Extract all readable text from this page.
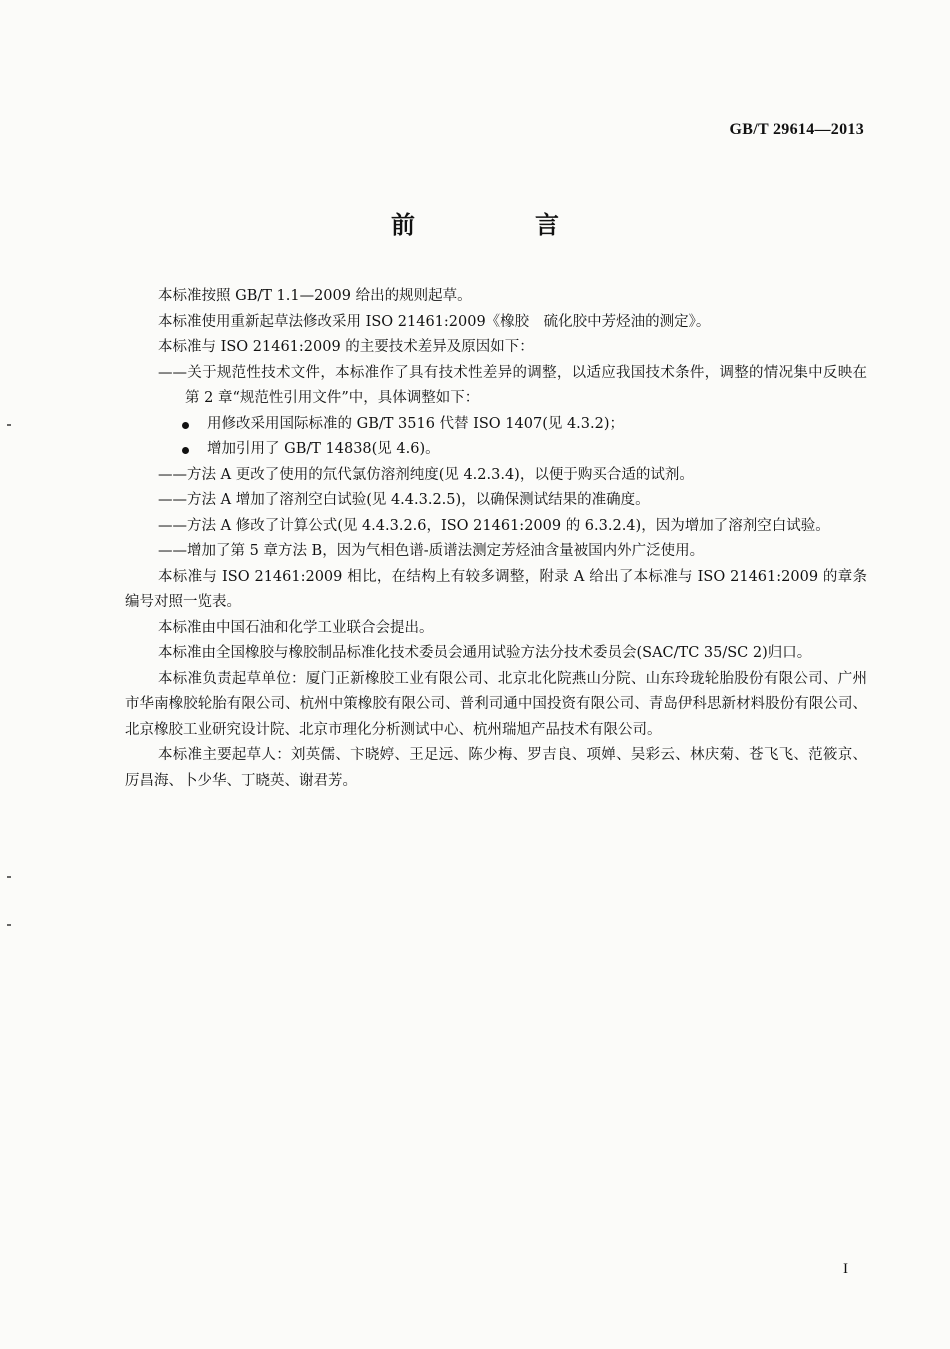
GB/T 29614—2013
前　言

本标准按照 GB/T 1.1—2009 给出的规则起草。

本标准使用重新起草法修改采用 ISO 21461:2009《橡胶　硫化胶中芳烃油的测定》。

本标准与 ISO 21461:2009 的主要技术差异及原因如下：

——关于规范性技术文件，本标准作了具有技术性差异的调整，以适应我国技术条件，调整的情况集中反映在第 2 章“规范性引用文件”中，具体调整如下：

用修改采用国际标准的 GB/T 3516 代替 ISO 1407(见 4.3.2)；
增加引用了 GB/T 14838(见 4.6)。

——方法 A 更改了使用的氘代氯仿溶剂纯度(见 4.2.3.4)，以便于购买合适的试剂。

——方法 A 增加了溶剂空白试验(见 4.4.3.2.5)，以确保测试结果的准确度。

——方法 A 修改了计算公式(见 4.4.3.2.6，ISO 21461:2009 的 6.3.2.4)，因为增加了溶剂空白试验。

——增加了第 5 章方法 B，因为气相色谱-质谱法测定芳烃油含量被国内外广泛使用。

本标准与 ISO 21461:2009 相比，在结构上有较多调整，附录 A 给出了本标准与 ISO 21461:2009 的章条编号对照一览表。

本标准由中国石油和化学工业联合会提出。

本标准由全国橡胶与橡胶制品标准化技术委员会通用试验方法分技术委员会(SAC/TC 35/SC 2)归口。

本标准负责起草单位：厦门正新橡胶工业有限公司、北京北化院燕山分院、山东玲珑轮胎股份有限公司、广州市华南橡胶轮胎有限公司、杭州中策橡胶有限公司、普利司通中国投资有限公司、青岛伊科思新材料股份有限公司、北京橡胶工业研究设计院、北京市理化分析测试中心、杭州瑞旭产品技术有限公司。

本标准主要起草人：刘英儒、卞晓婷、王足远、陈少梅、罗吉良、项婵、吴彩云、林庆菊、苍飞飞、范筱京、厉昌海、卜少华、丁晓英、谢君芳。

I
